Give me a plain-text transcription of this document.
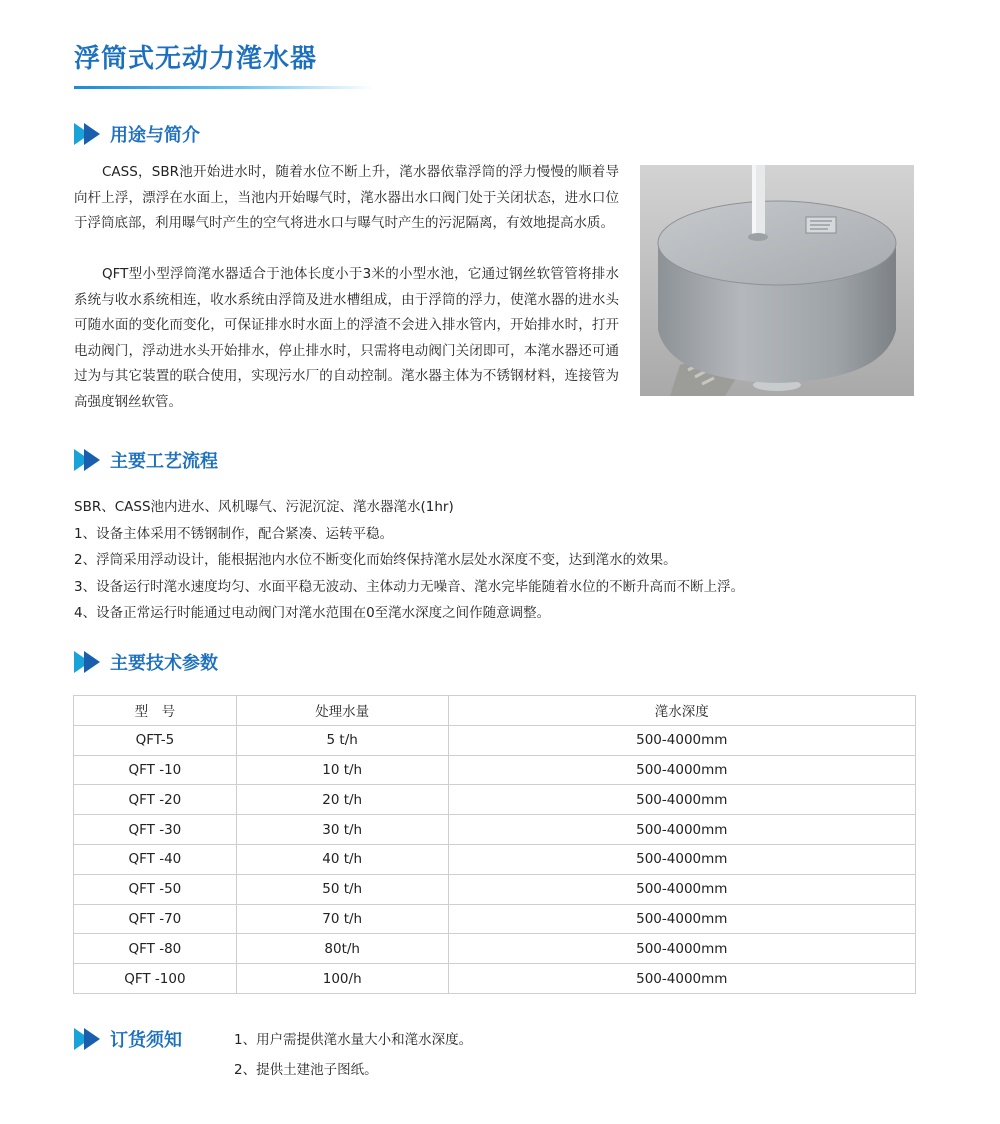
浮筒式无动力滗水器
用途与简介

CASS，SBR池开始进水时，随着水位不断上升，滗水器依靠浮筒的浮力慢慢的顺着导向杆上浮，漂浮在水面上，当池内开始曝气时，滗水器出水口阀门处于关闭状态，进水口位于浮筒底部，利用曝气时产生的空气将进水口与曝气时产生的污泥隔离，有效地提高水质。

QFT型小型浮筒滗水器适合于池体长度小于3米的小型水池，它通过钢丝软管管将排水系统与收水系统相连，收水系统由浮筒及进水槽组成，由于浮筒的浮力，使滗水器的进水头可随水面的变化而变化，可保证排水时水面上的浮渣不会进入排水管内，开始排水时，打开电动阀门，浮动进水头开始排水，停止排水时，只需将电动阀门关闭即可，本滗水器还可通过为与其它装置的联合使用，实现污水厂的自动控制。滗水器主体为不锈钢材料，连接管为高强度钢丝软管。

主要工艺流程
SBR、CASS池内进水、风机曝气、污泥沉淀、滗水器滗水(1hr)
1、设备主体采用不锈钢制作，配合紧凑、运转平稳。
2、浮筒采用浮动设计，能根据池内水位不断变化而始终保持滗水层处水深度不变，达到滗水的效果。
3、设备运行时滗水速度均匀、水面平稳无波动、主体动力无噪音、滗水完毕能随着水位的不断升高而不断上浮。
4、设备正常运行时能通过电动阀门对滗水范围在0至滗水深度之间作随意调整。
主要技术参数
型　号	处理水量	滗水深度
QFT-5	5 t/h	500-4000mm
QFT -10	10 t/h	500-4000mm
QFT -20	20 t/h	500-4000mm
QFT -30	30 t/h	500-4000mm
QFT -40	40 t/h	500-4000mm
QFT -50	50 t/h	500-4000mm
QFT -70	70 t/h	500-4000mm
QFT -80	80t/h	500-4000mm
QFT -100	100/h	500-4000mm
订货须知	1、用户需提供滗水量大小和滗水深度。
2、提供土建池子图纸。
